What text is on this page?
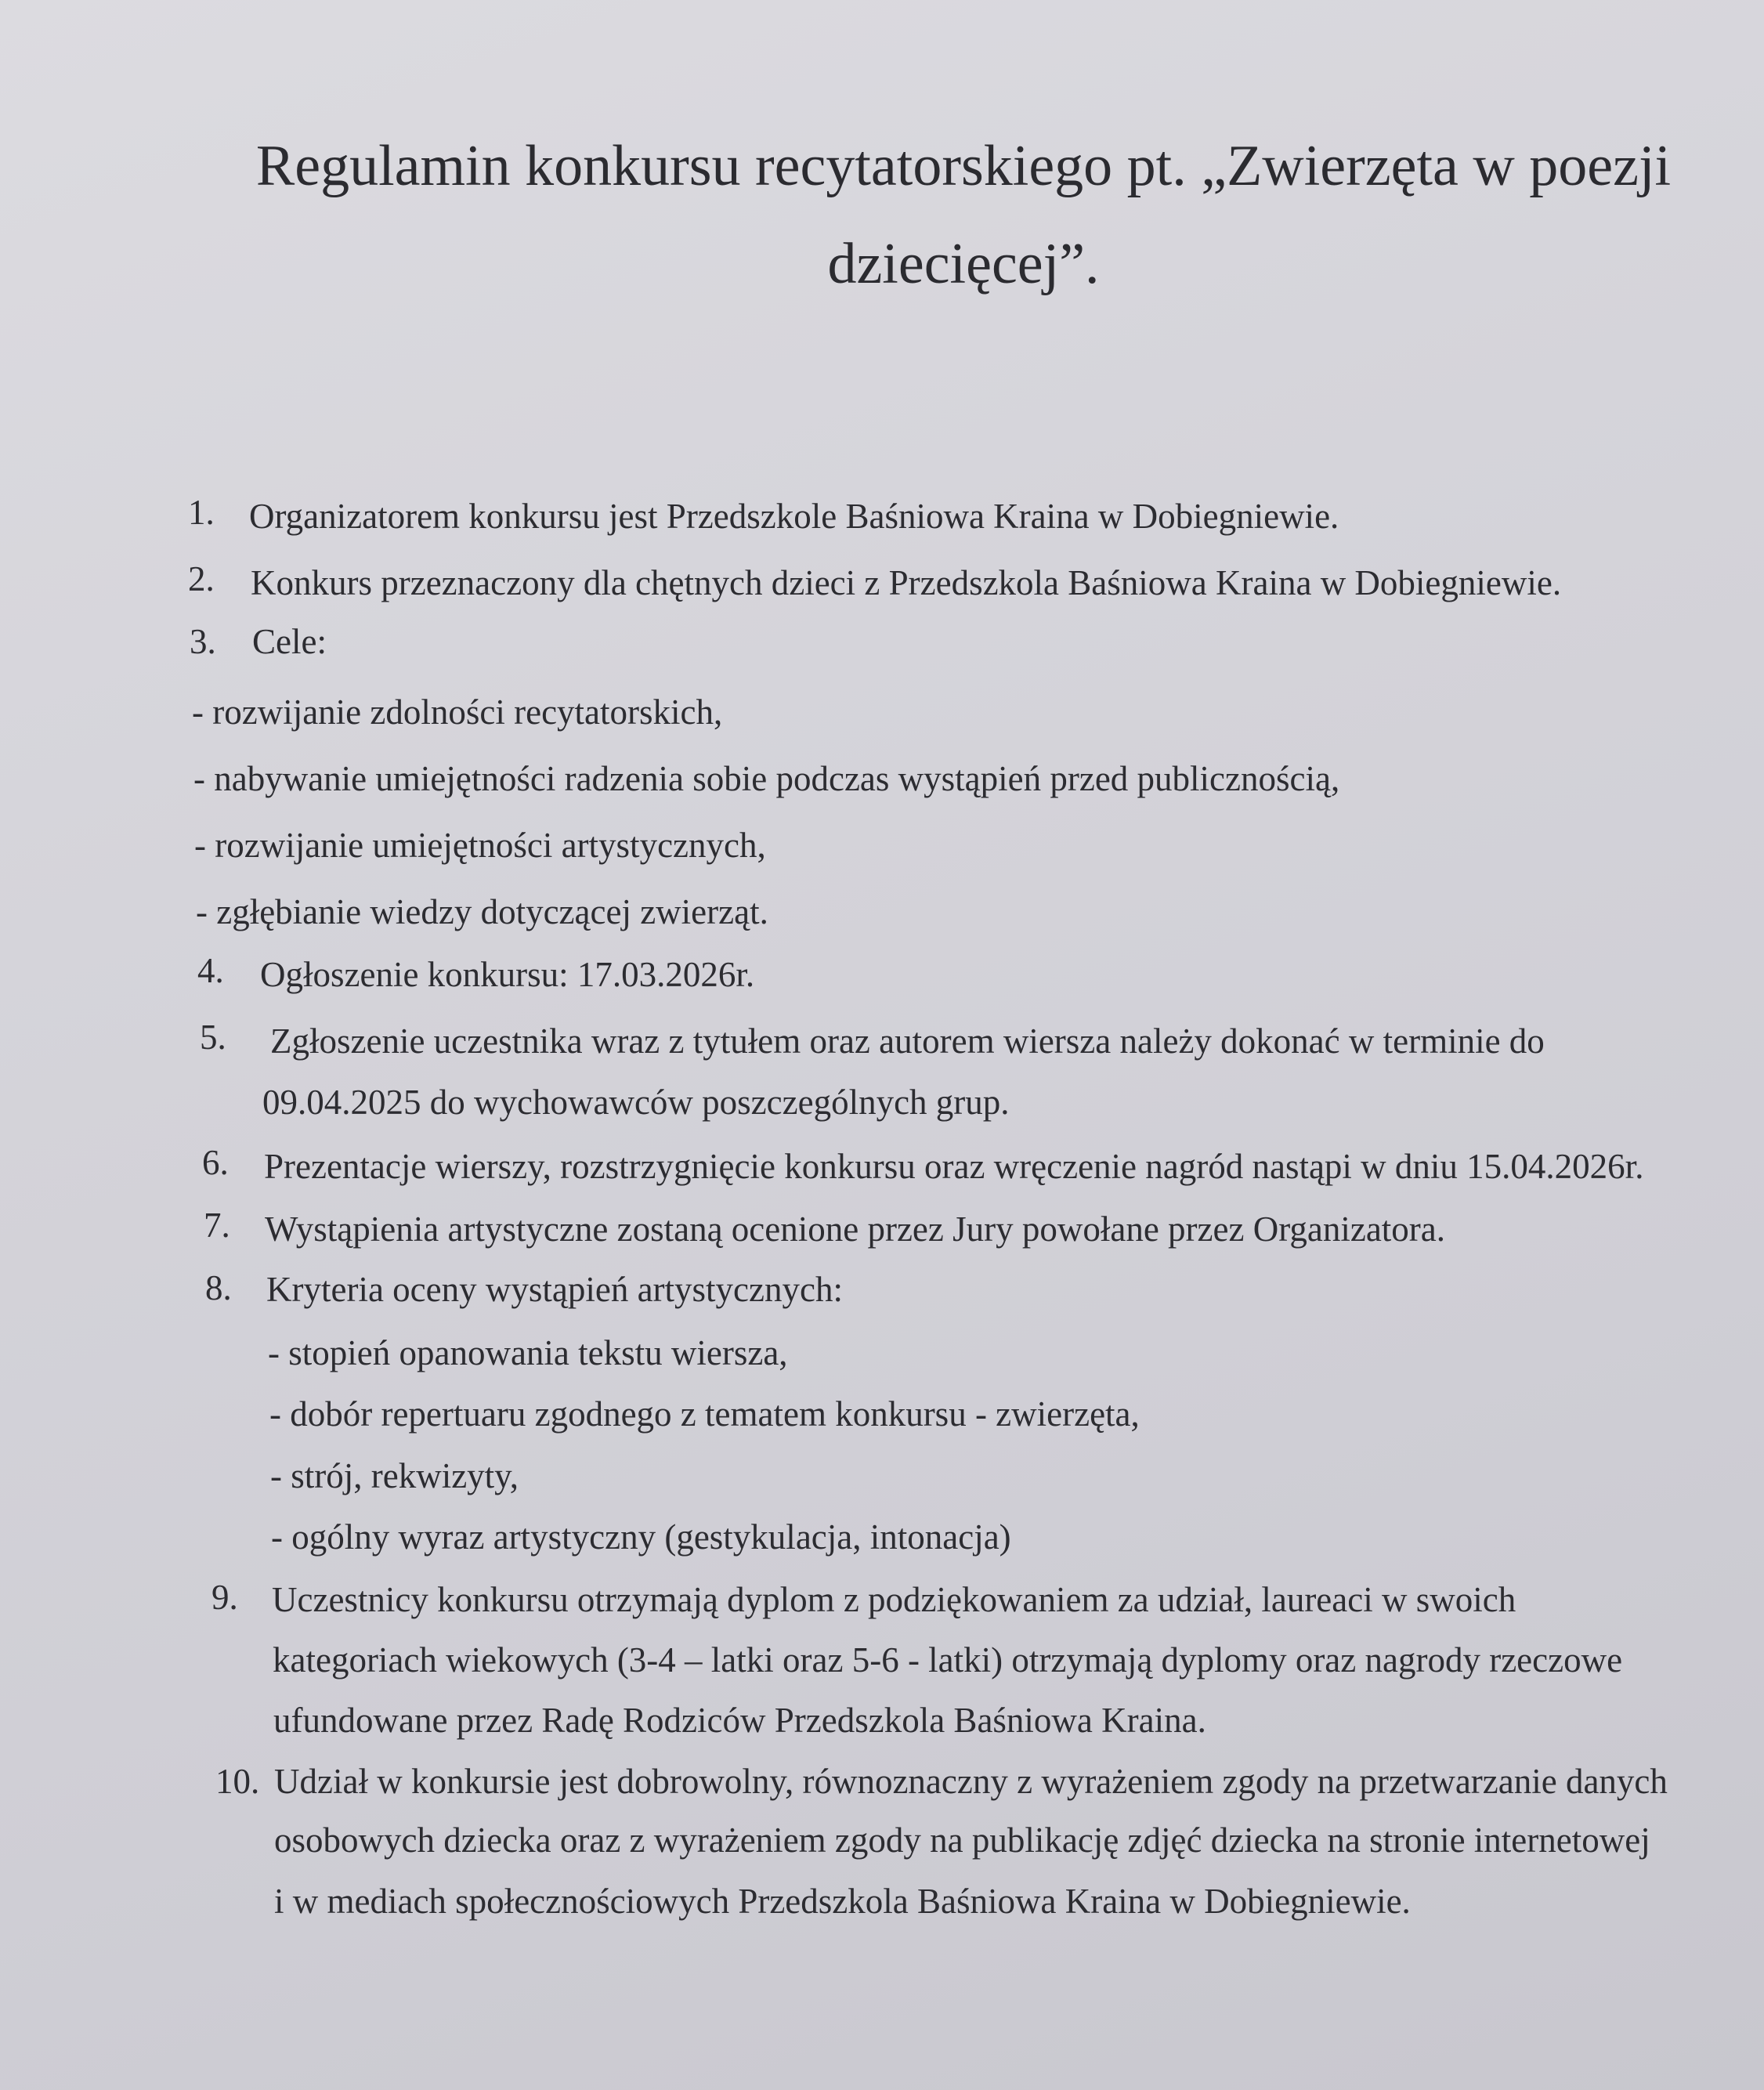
Regulamin konkursu recytatorskiego pt. „Zwierzęta w poezji
dziecięcej”.
1. Organizatorem konkursu jest Przedszkole Baśniowa Kraina w Dobiegniewie.
2. Konkurs przeznaczony dla chętnych dzieci z Przedszkola Baśniowa Kraina w Dobiegniewie.
3. Cele:
- rozwijanie zdolności recytatorskich,
- nabywanie umiejętności radzenia sobie podczas wystąpień przed publicznością,
- rozwijanie umiejętności artystycznych,
- zgłębianie wiedzy dotyczącej zwierząt.
4. Ogłoszenie konkursu: 17.03.2026r.
5. Zgłoszenie uczestnika wraz z tytułem oraz autorem wiersza należy dokonać w terminie do
09.04.2025 do wychowawców poszczególnych grup.
6. Prezentacje wierszy, rozstrzygnięcie konkursu oraz wręczenie nagród nastąpi w dniu 15.04.2026r.
7. Wystąpienia artystyczne zostaną ocenione przez Jury powołane przez Organizatora.
8. Kryteria oceny wystąpień artystycznych:
- stopień opanowania tekstu wiersza,
- dobór repertuaru zgodnego z tematem konkursu - zwierzęta,
- strój, rekwizyty,
- ogólny wyraz artystyczny (gestykulacja, intonacja)
9. Uczestnicy konkursu otrzymają dyplom z podziękowaniem za udział, laureaci w swoich
kategoriach wiekowych (3-4 – latki oraz 5-6 - latki) otrzymają dyplomy oraz nagrody rzeczowe
ufundowane przez Radę Rodziców Przedszkola Baśniowa Kraina.
10. Udział w konkursie jest dobrowolny, równoznaczny z wyrażeniem zgody na przetwarzanie danych
osobowych dziecka oraz z wyrażeniem zgody na publikację zdjęć dziecka na stronie internetowej
i w mediach społecznościowych Przedszkola Baśniowa Kraina w Dobiegniewie.
